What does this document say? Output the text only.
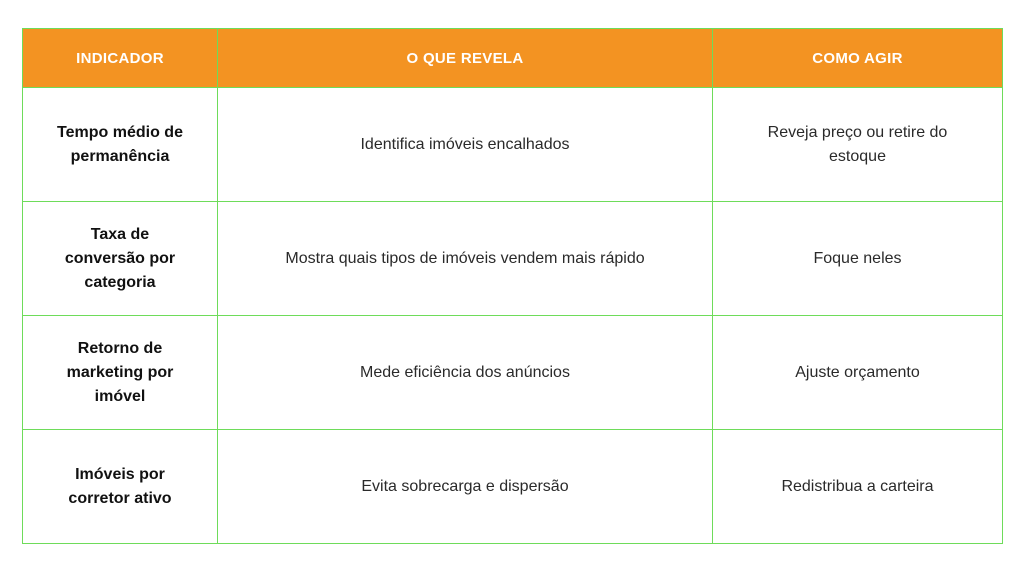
INDICADOR	O QUE REVELA	COMO AGIR
Tempo médio de permanência	Identifica imóveis encalhados	Reveja preço ou retire do estoque
Taxa de conversão por categoria	Mostra quais tipos de imóveis vendem mais rápido	Foque neles
Retorno de marketing por imóvel	Mede eficiência dos anúncios	Ajuste orçamento
Imóveis por corretor ativo	Evita sobrecarga e dispersão	Redistribua a carteira
